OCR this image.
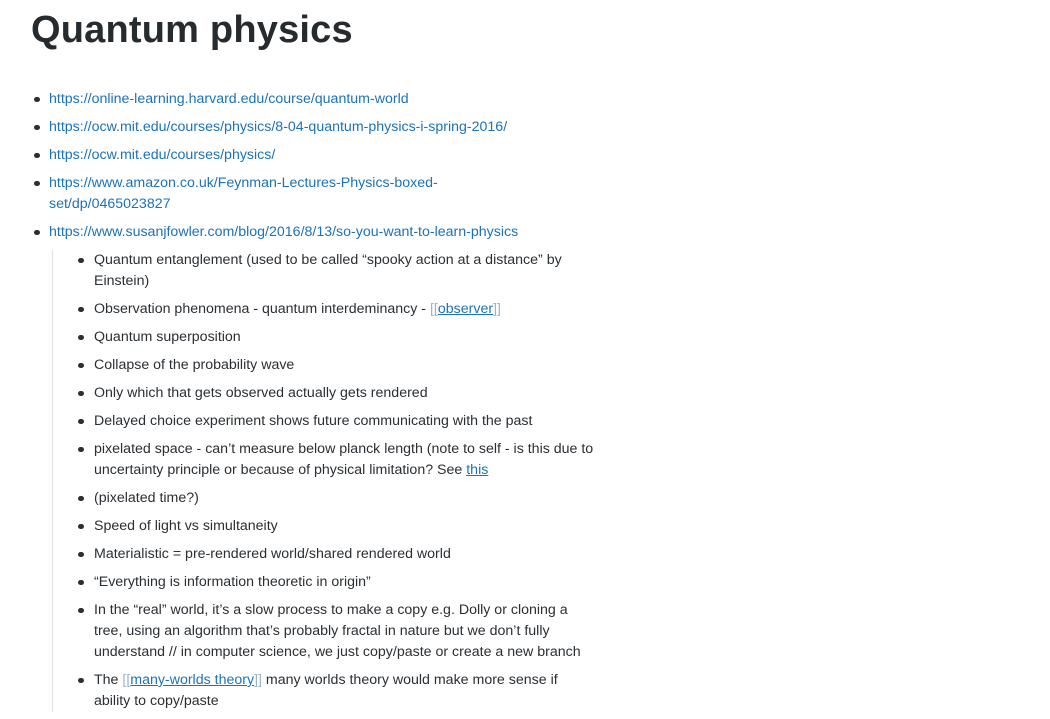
Quantum physics
https://online-learning.harvard.edu/course/quantum-world
https://ocw.mit.edu/courses/physics/8-04-quantum-physics-i-spring-2016/
https://ocw.mit.edu/courses/physics/
https://www.amazon.co.uk/Feynman-Lectures-Physics-boxed-set/dp/0465023827
https://www.susanjfowler.com/blog/2016/8/13/so-you-want-to-learn-physics
Quantum entanglement (used to be called “spooky action at a distance” by Einstein)
Observation phenomena - quantum interdeminancy - [[observer]]
Quantum superposition
Collapse of the probability wave
Only which that gets observed actually gets rendered
Delayed choice experiment shows future communicating with the past
pixelated space - can’t measure below planck length (note to self - is this due to uncertainty principle or because of physical limitation? See this
(pixelated time?)
Speed of light vs simultaneity
Materialistic = pre-rendered world/shared rendered world
“Everything is information theoretic in origin”
In the “real” world, it’s a slow process to make a copy e.g. Dolly or cloning a tree, using an algorithm that’s probably fractal in nature but we don’t fully understand // in computer science, we just copy/paste or create a new branch
The [[many-worlds theory]] many worlds theory would make more sense if ability to copy/paste
